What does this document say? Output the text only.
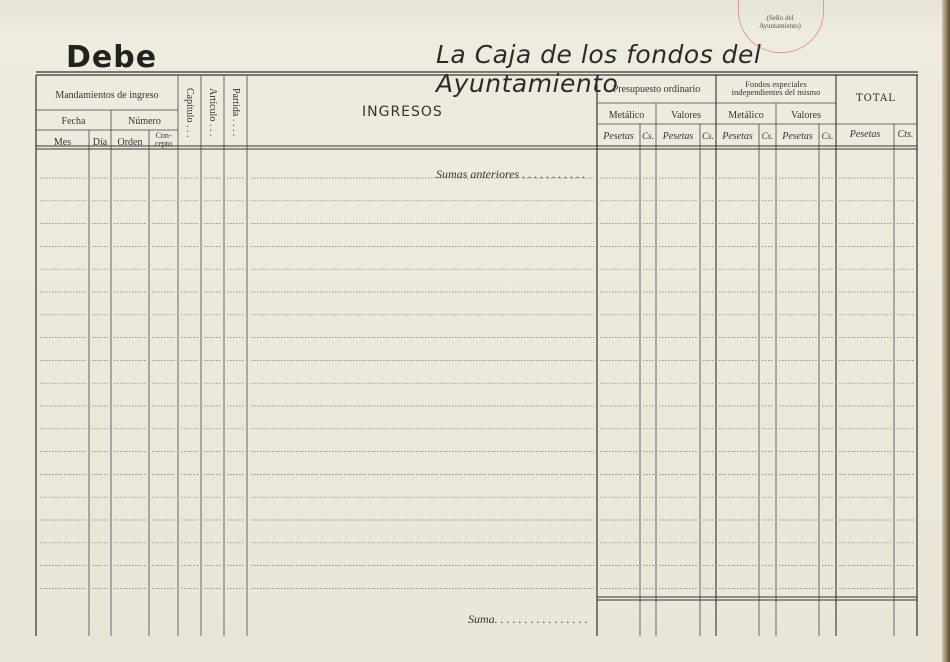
Debe	La Caja de los fondos del Ayuntamiento
(Sello del
Ayuntamiento)
Mandamientos de ingreso
Fecha	Número
Mes	Día	Orden
Con-
cepto
Capítulo . . . Artículo . . . Partida . . . .	INGRESOS
Presupuesto ordinario	Fondos especiales
independientes del mismo
TOTAL
Metálico	Valores	Metálico	Valores
Pesetas Cs. Pesetas Cs. Pesetas Cs. Pesetas Cs.	Pesetas	Cts.
Sumas anteriores . . . . . . . . . . .
Suma. . . . . . . . . . . . . . . .
